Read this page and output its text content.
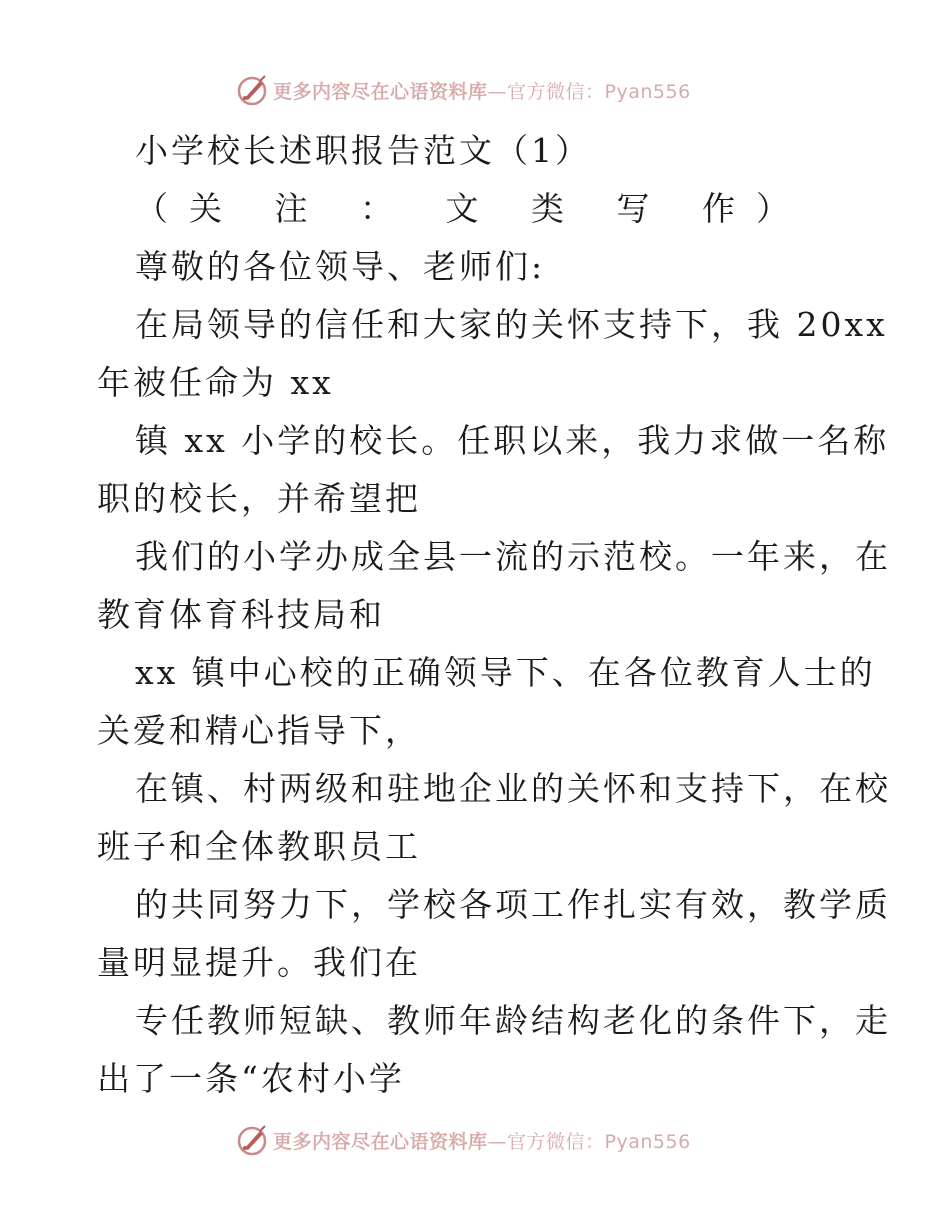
更多内容尽在心语资料库 —官方微信：Pyan556
小学校长述职报告范文（1）
（关 注 ： 文 类 写 作）
尊敬的各位领导、老师们:
在局领导的信任和大家的关怀支持下，我 20xx
年被任命为 xx
镇 xx 小学的校长。任职以来，我力求做一名称
职的校长，并希望把
我们的小学办成全县一流的示范校。一年来，在
教育体育科技局和
xx 镇中心校的正确领导下、在各位教育人士的
关爱和精心指导下，
在镇、村两级和驻地企业的关怀和支持下，在校
班子和全体教职员工
的共同努力下，学校各项工作扎实有效，教学质
量明显提升。我们在
专任教师短缺、教师年龄结构老化的条件下，走
出了一条“农村小学
更多内容尽在心语资料库 —官方微信：Pyan556
